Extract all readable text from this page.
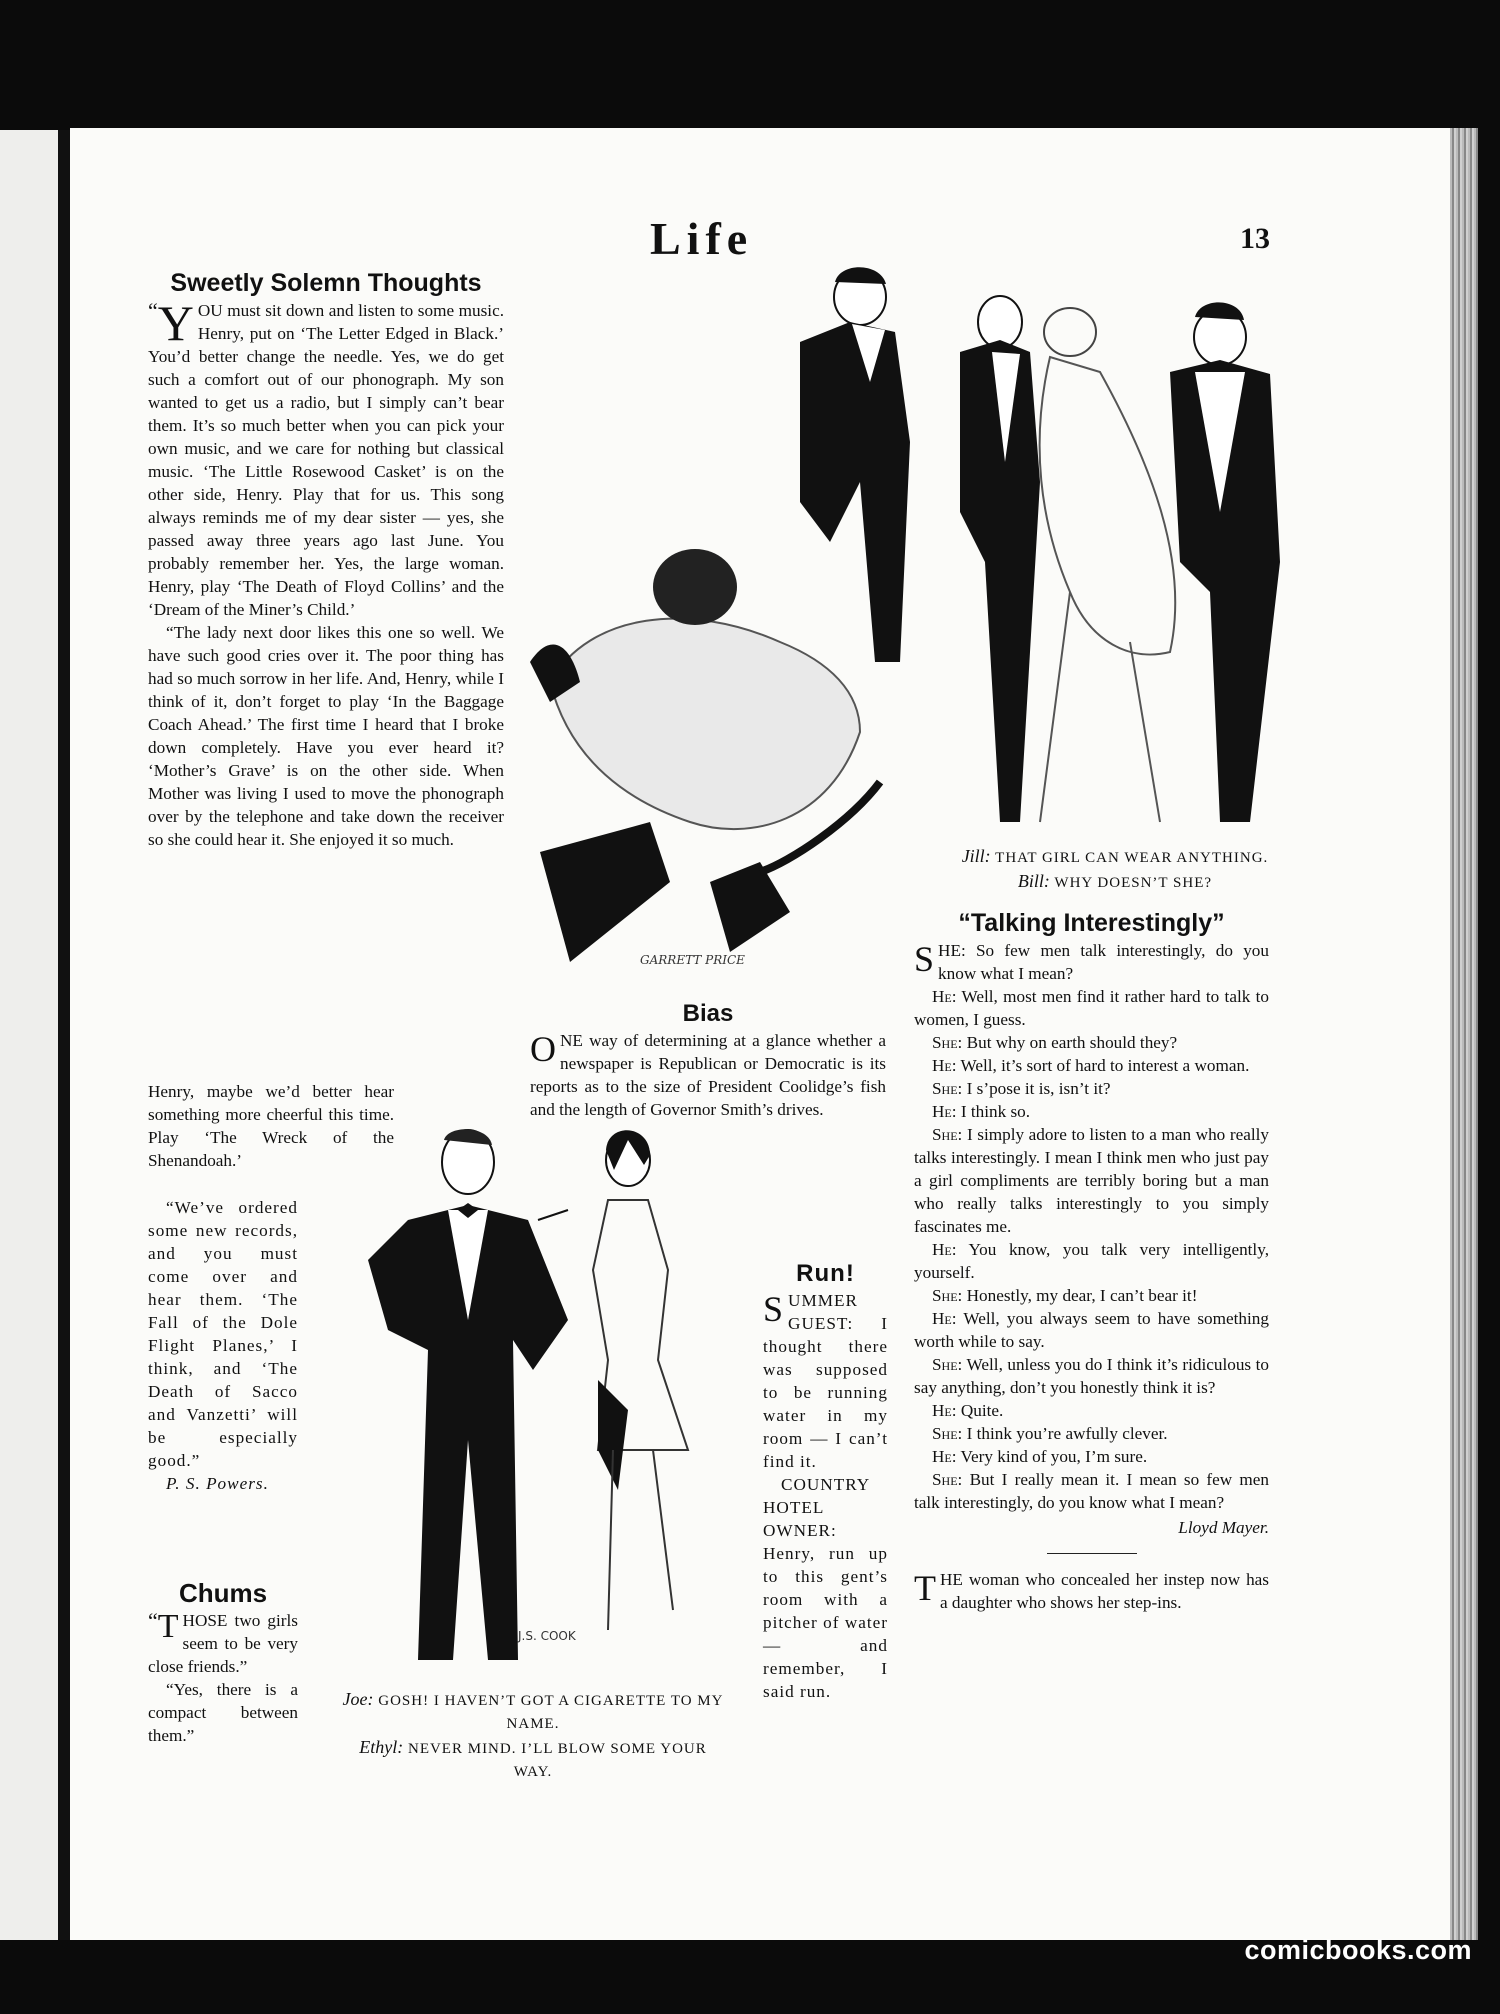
Life	13
Sweetly Solemn Thoughts

“ Y OU must sit down and listen to some music. Henry, put on ‘The Letter Edged in Black.’ You’d better change the needle. Yes, we do get such a comfort out of our phonograph. My son wanted to get us a radio, but I simply can’t bear them. It’s so much better when you can pick your own music, and we care for nothing but classical music. ‘The Little Rosewood Casket’ is on the other side, Henry. Play that for us. This song always reminds me of my dear sister — yes, she passed away three years ago last June. You probably remember her. Yes, the large woman. Henry, play ‘The Death of Floyd Collins’ and the ‘Dream of the Miner’s Child.’

“The lady next door likes this one so well. We have such good cries over it. The poor thing has had so much sorrow in her life. And, Henry, while I think of it, don’t forget to play ‘In the Baggage Coach Ahead.’ The first time I heard that I broke down completely. Have you ever heard it? ‘Mother’s Grave’ is on the other side. When Mother was living I used to move the phonograph over by the telephone and take down the receiver so she could hear it. She enjoyed it so much.

Henry, maybe we’d better hear something more cheerful this time. Play ‘The Wreck of the Shenandoah.’

“We’ve ordered some new records, and you must come over and hear them. ‘The Fall of the Dole Flight Planes,’ I think, and ‘The Death of Sacco and Vanzetti’ will be especially good.”

P. S. Powers.
Chums

“ T HOSE two girls seem to be very close friends.”

“Yes, there is a compact between them.”

GARRETT PRICE
Jill: THAT GIRL CAN WEAR ANYTHING.
Bill: WHY DOESN’T SHE?
Bias

ONE way of determining at a glance whether a newspaper is Republican or Democratic is its reports as to the size of President Coolidge’s fish and the length of Governor Smith’s drives.

J.S. COOK
Joe: GOSH! I HAVEN’T GOT A CIGARETTE TO MY NAME.
Ethyl: NEVER MIND. I’LL BLOW SOME YOUR WAY.
Run!

SUMMER GUEST: I thought there was supposed to be running water in my room — I can’t find it.

COUNTRY HOTEL OWNER: Henry, run up to this gent’s room with a pitcher of water — and remember, I said run.

“Talking Interestingly”

SHE: So few men talk interestingly, do you know what I mean?

He: Well, most men find it rather hard to talk to women, I guess.

She: But why on earth should they?

He: Well, it’s sort of hard to interest a woman.

She: I s’pose it is, isn’t it?

He: I think so.

She: I simply adore to listen to a man who really talks interestingly. I mean I think men who just pay a girl compliments are terribly boring but a man who really talks interestingly to you simply fascinates me.

He: You know, you talk very intelligently, yourself.

She: Honestly, my dear, I can’t bear it!

He: Well, you always seem to have something worth while to say.

She: Well, unless you do I think it’s ridiculous to say anything, don’t you honestly think it is?

He: Quite.

She: I think you’re awfully clever.

He: Very kind of you, I’m sure.

She: But I really mean it. I mean so few men talk interestingly, do you know what I mean?

Lloyd Mayer.

THE woman who concealed her instep now has a daughter who shows her step-ins.

comicbooks.com
